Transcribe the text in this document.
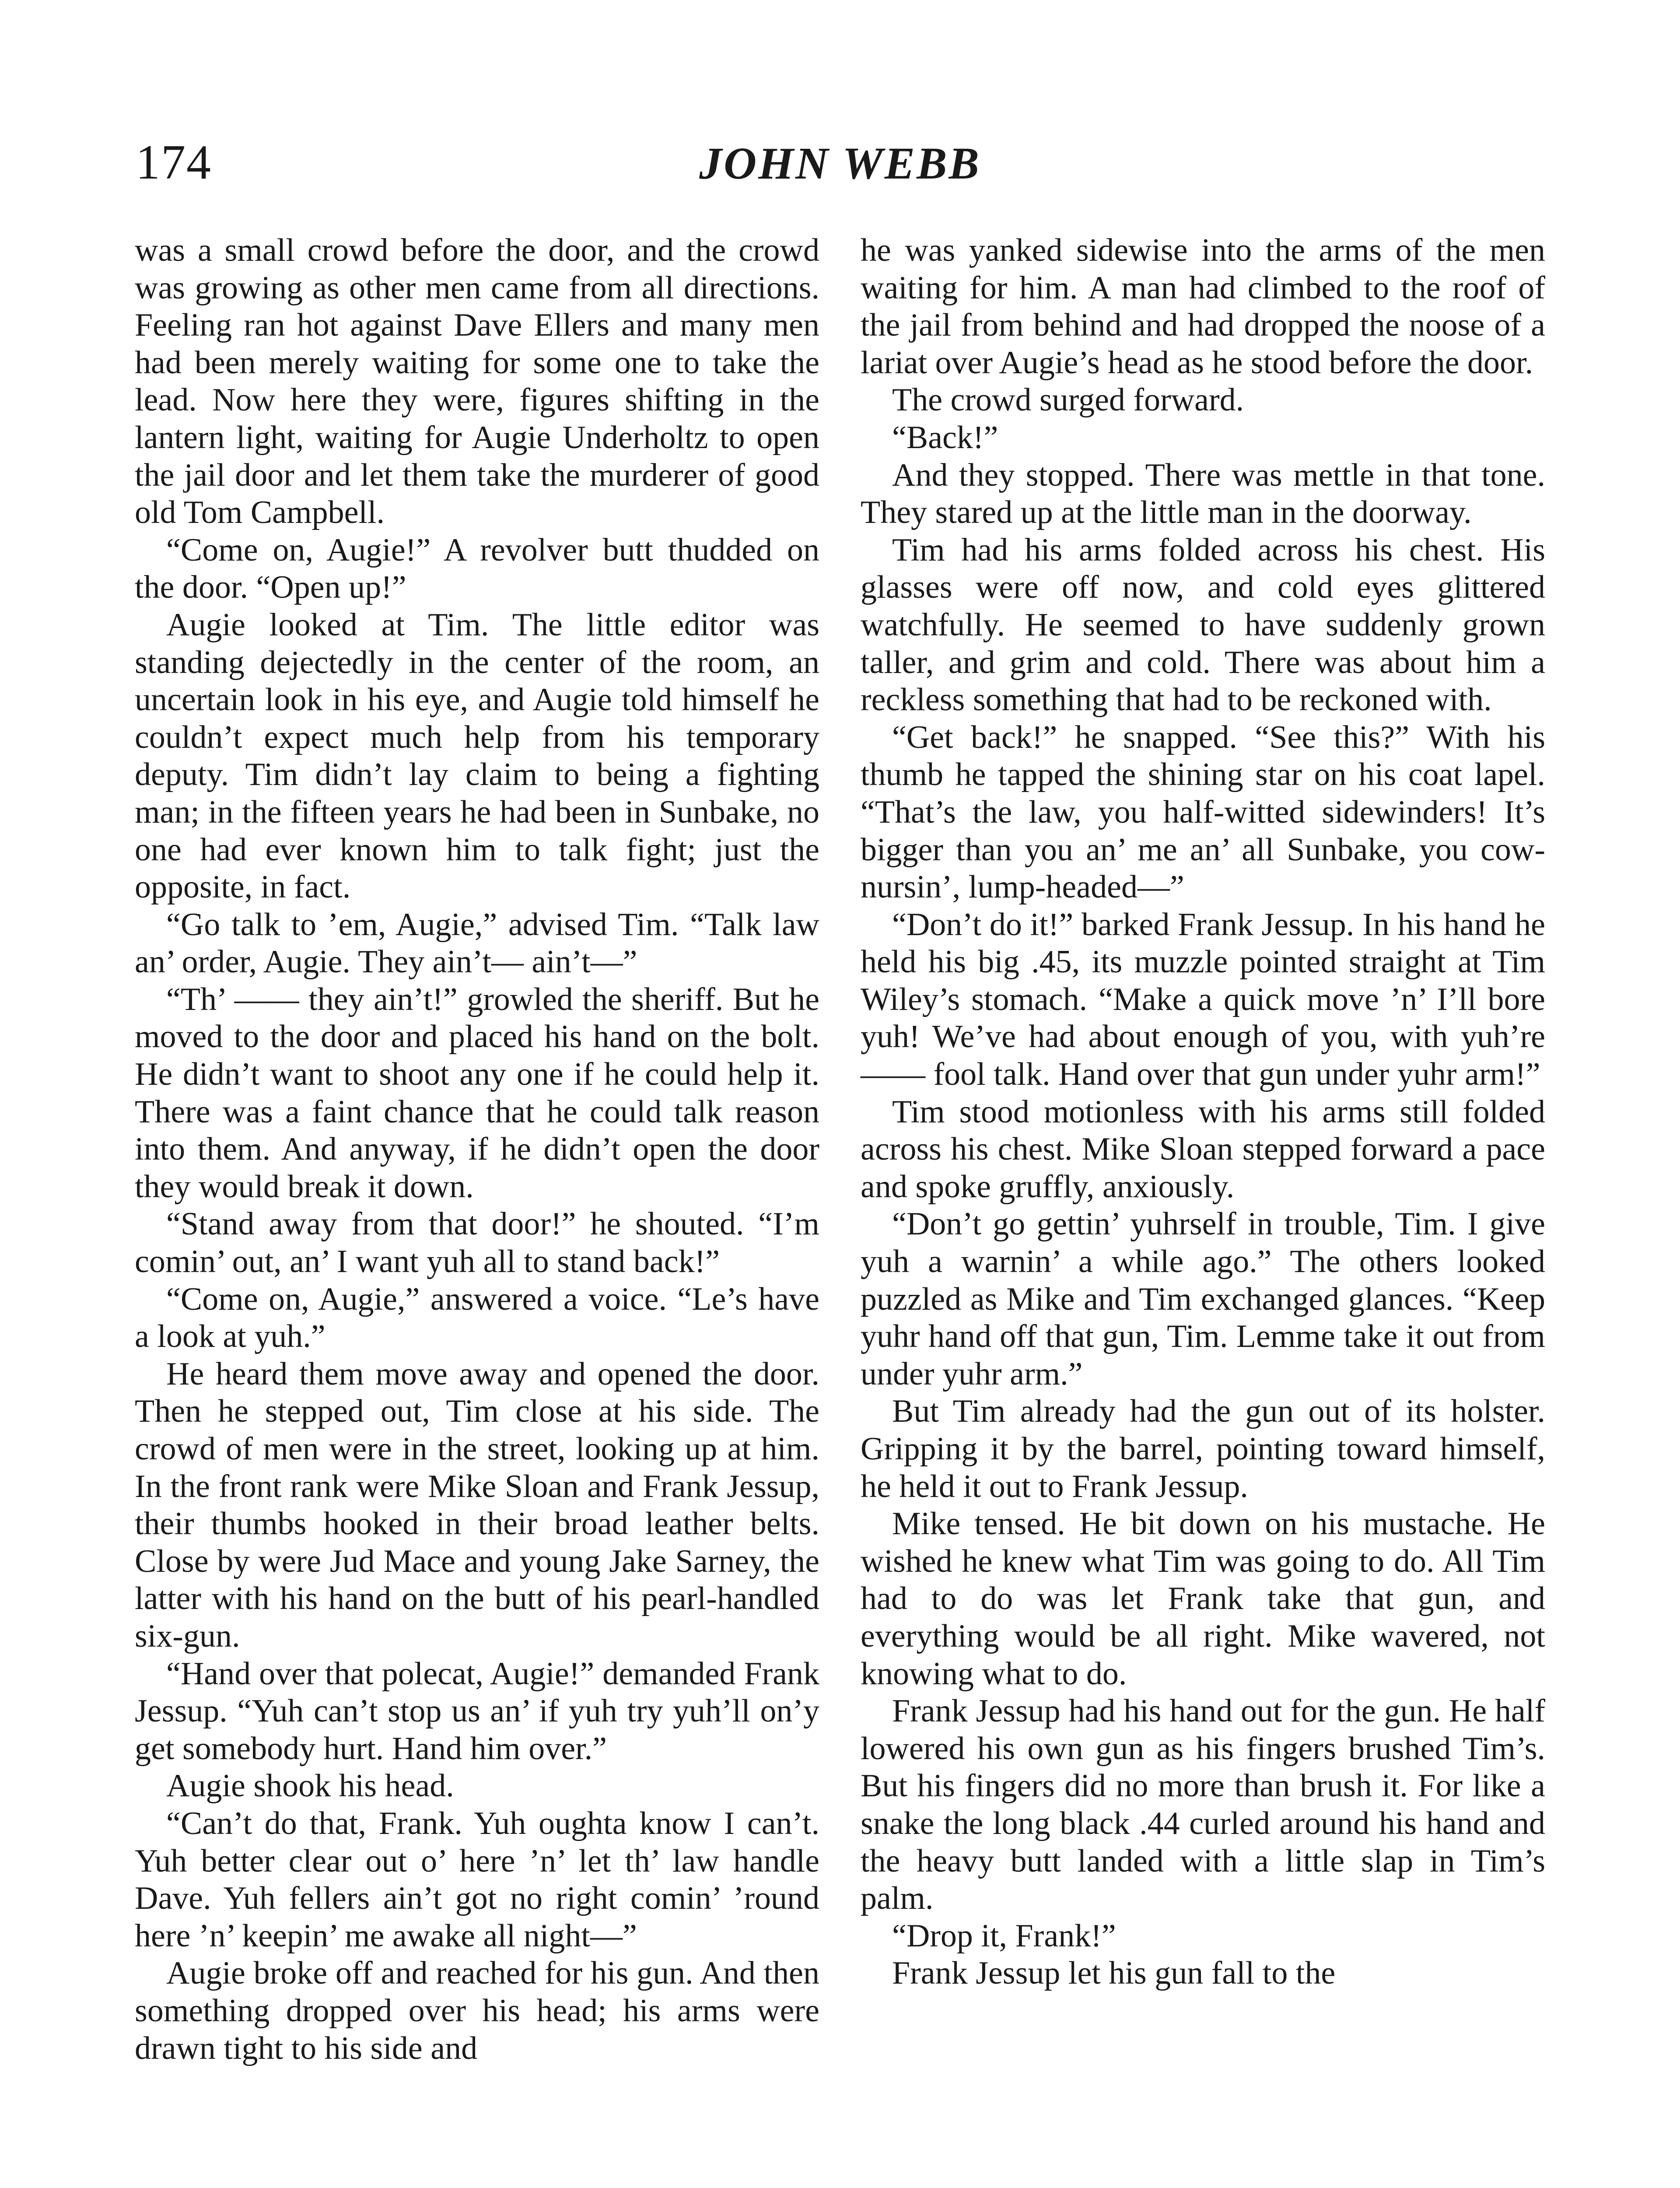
174	JOHN WEBB

was a small crowd before the door, and the crowd was growing as other men came from all directions. Feeling ran hot against Dave Ellers and many men had been merely waiting for some one to take the lead. Now here they were, figures shifting in the lantern light, waiting for Augie Underholtz to open the jail door and let them take the murderer of good old Tom Campbell.

“Come on, Augie!” A revolver butt thudded on the door. “Open up!”

Augie looked at Tim. The little editor was standing dejectedly in the center of the room, an uncertain look in his eye, and Augie told himself he couldn’t expect much help from his temporary deputy. Tim didn’t lay claim to being a fighting man; in the fifteen years he had been in Sunbake, no one had ever known him to talk fight; just the opposite, in fact.

“Go talk to ’em, Augie,” advised Tim. “Talk law an’ order, Augie. They ain’t— ain’t—”

“Th’ —— they ain’t!” growled the sheriff. But he moved to the door and placed his hand on the bolt. He didn’t want to shoot any one if he could help it. There was a faint chance that he could talk reason into them. And anyway, if he didn’t open the door they would break it down.

“Stand away from that door!” he shouted. “I’m comin’ out, an’ I want yuh all to stand back!”

“Come on, Augie,” answered a voice. “Le’s have a look at yuh.”

He heard them move away and opened the door. Then he stepped out, Tim close at his side. The crowd of men were in the street, looking up at him. In the front rank were Mike Sloan and Frank Jessup, their thumbs hooked in their broad leather belts. Close by were Jud Mace and young Jake Sarney, the latter with his hand on the butt of his pearl-handled six-gun.

“Hand over that polecat, Augie!” demanded Frank Jessup. “Yuh can’t stop us an’ if yuh try yuh’ll on’y get somebody hurt. Hand him over.”

Augie shook his head.

“Can’t do that, Frank. Yuh oughta know I can’t. Yuh better clear out o’ here ’n’ let th’ law handle Dave. Yuh fellers ain’t got no right comin’ ’round here ’n’ keepin’ me awake all night—”

Augie broke off and reached for his gun. And then something dropped over his head; his arms were drawn tight to his side and

he was yanked sidewise into the arms of the men waiting for him. A man had climbed to the roof of the jail from behind and had dropped the noose of a lariat over Augie’s head as he stood before the door.

The crowd surged forward.

“Back!”

And they stopped. There was mettle in that tone. They stared up at the little man in the doorway.

Tim had his arms folded across his chest. His glasses were off now, and cold eyes glittered watchfully. He seemed to have suddenly grown taller, and grim and cold. There was about him a reckless something that had to be reckoned with.

“Get back!” he snapped. “See this?” With his thumb he tapped the shining star on his coat lapel. “That’s the law, you half-witted sidewinders! It’s bigger than you an’ me an’ all Sunbake, you cow-nursin’, lump-headed—”

“Don’t do it!” barked Frank Jessup. In his hand he held his big .45, its muzzle pointed straight at Tim Wiley’s stomach. “Make a quick move ’n’ I’ll bore yuh! We’ve had about enough of you, with yuh’re —— fool talk. Hand over that gun under yuhr arm!”

Tim stood motionless with his arms still folded across his chest. Mike Sloan stepped forward a pace and spoke gruffly, anxiously.

“Don’t go gettin’ yuhrself in trouble, Tim. I give yuh a warnin’ a while ago.” The others looked puzzled as Mike and Tim exchanged glances. “Keep yuhr hand off that gun, Tim. Lemme take it out from under yuhr arm.”

But Tim already had the gun out of its holster. Gripping it by the barrel, pointing toward himself, he held it out to Frank Jessup.

Mike tensed. He bit down on his mustache. He wished he knew what Tim was going to do. All Tim had to do was let Frank take that gun, and everything would be all right. Mike wavered, not knowing what to do.

Frank Jessup had his hand out for the gun. He half lowered his own gun as his fingers brushed Tim’s. But his fingers did no more than brush it. For like a snake the long black .44 curled around his hand and the heavy butt landed with a little slap in Tim’s palm.

“Drop it, Frank!”

Frank Jessup let his gun fall to the
